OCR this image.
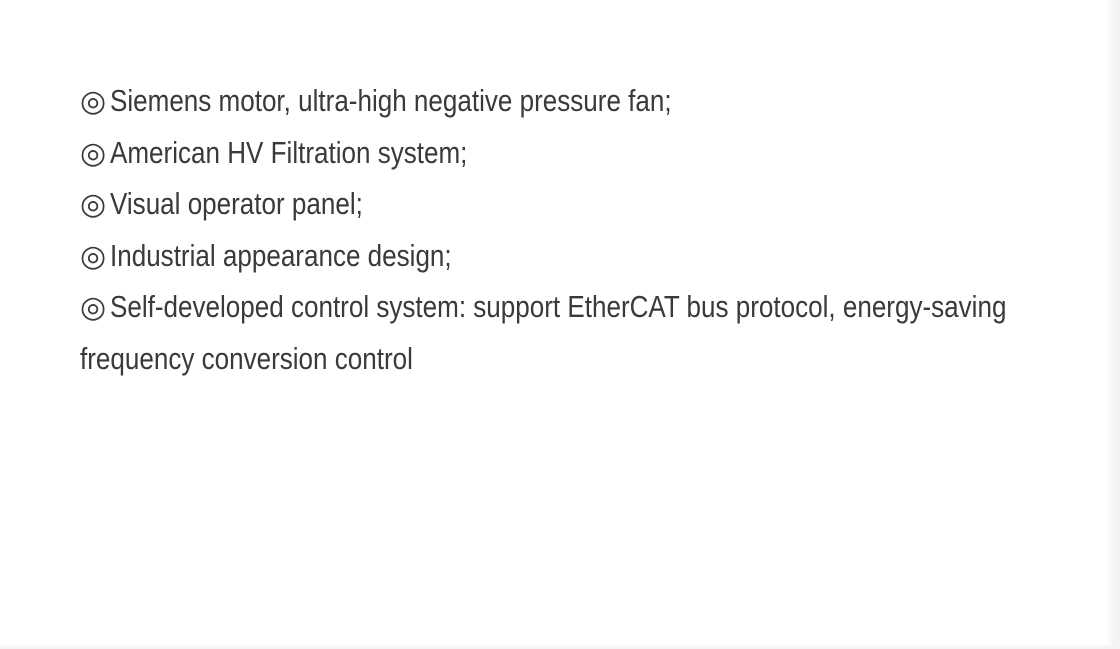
◎ Siemens motor, ultra-high negative pressure fan;
◎ American HV Filtration system;
◎ Visual operator panel;
◎ Industrial appearance design;
◎ Self-developed control system: support EtherCAT bus protocol, energy-saving
frequency conversion control
